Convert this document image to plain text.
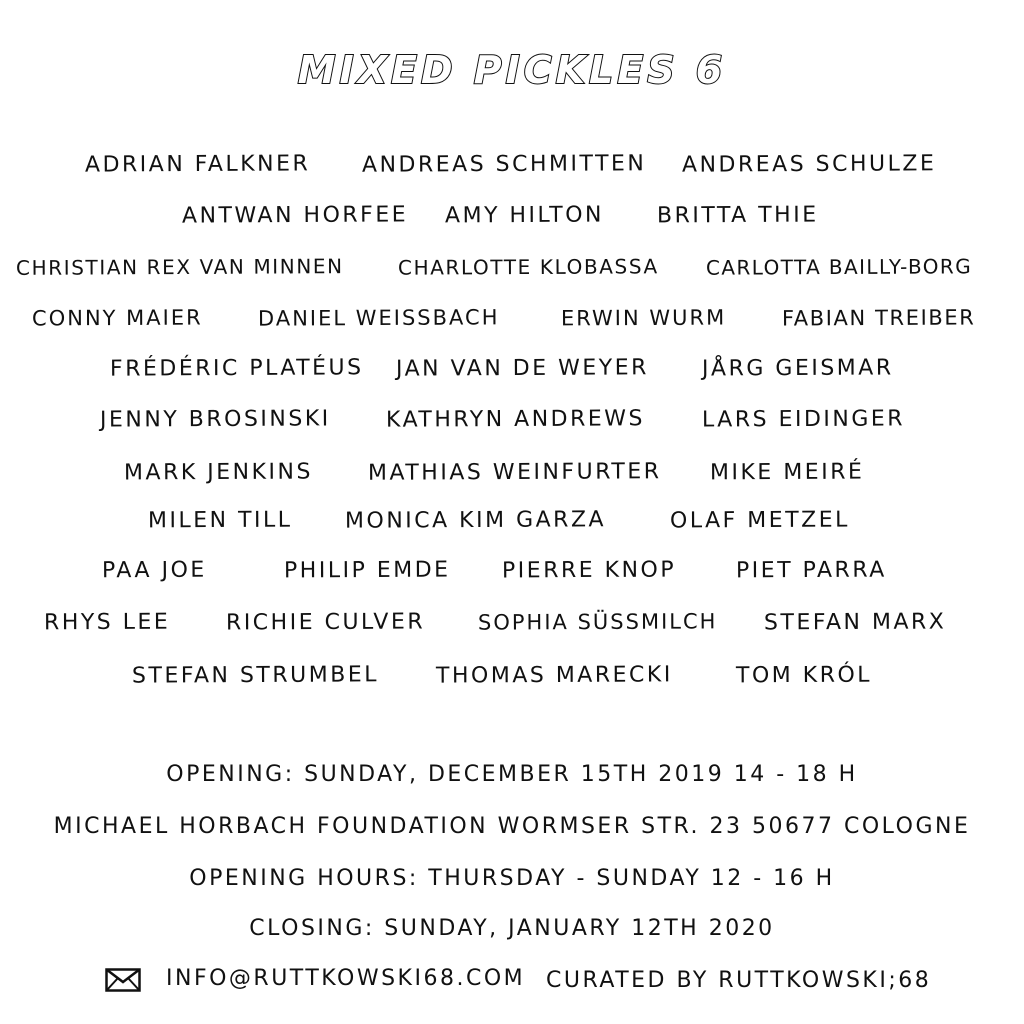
MIXED PICKLES 6
ADRIAN FALKNER ANDREAS SCHMITTEN ANDREAS SCHULZE
ANTWAN HORFEE AMY HILTON BRITTA THIE
CHRISTIAN REX VAN MINNEN	CHARLOTTE KLOBASSA CARLOTTA BAILLY-BORG
CONNY MAIER	DANIEL WEISSBACH	ERWIN WURM	FABIAN TREIBER
FRÉDÉRIC PLATÉUS JAN VAN DE WEYER JÅRG GEISMAR
JENNY BROSINSKI	KATHRYN ANDREWS	LARS EIDINGER
MARK JENKINS MATHIAS WEINFURTER MIKE MEIRÉ
MILEN TILL MONICA KIM GARZA	OLAF METZEL
PAA JOE	PHILIP EMDE PIERRE KNOP	PIET PARRA
RHYS LEE	RICHIE CULVER	SOPHIA SÜSSMILCH STEFAN MARX
STEFAN STRUMBEL	THOMAS MARECKI	TOM KRÓL
OPENING: SUNDAY, DECEMBER 15TH 2019 14 - 18 H
MICHAEL HORBACH FOUNDATION WORMSER STR. 23 50677 COLOGNE
OPENING HOURS: THURSDAY - SUNDAY 12 - 16 H
CLOSING: SUNDAY, JANUARY 12TH 2020
INFO@RUTTKOWSKI68.COM CURATED BY RUTTKOWSKI;68
